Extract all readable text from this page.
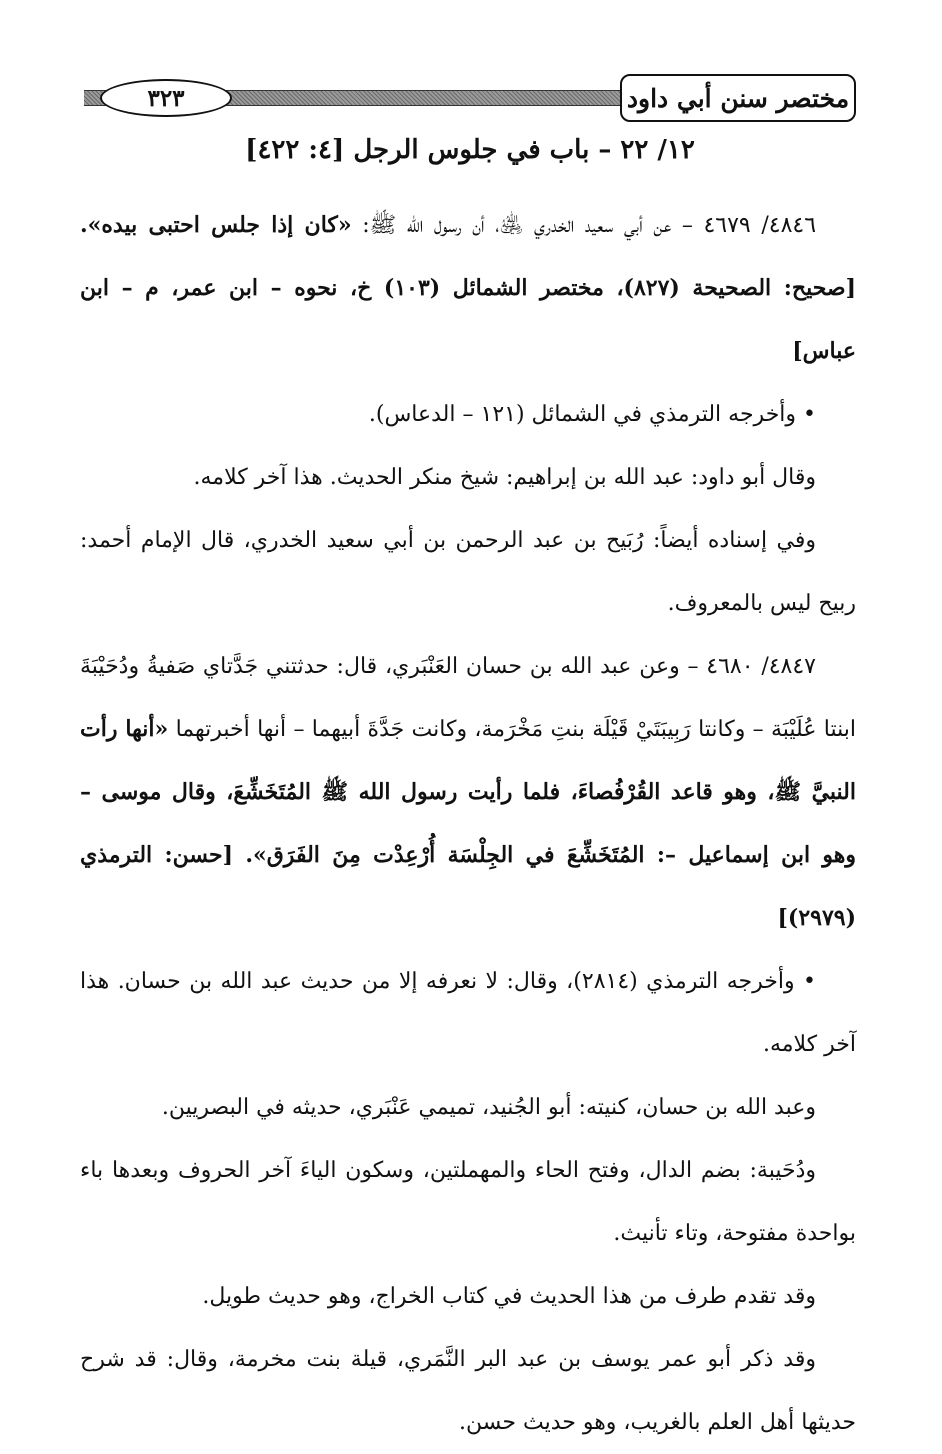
٣٢٣	مختصر سنن أبي داود
١٢/ ٢٢ – باب في جلوس الرجل [٤: ٤٢٢]

٤٨٤٦/ ٤٦٧٩ – عن أبي سعيد الخدري ﵁، أن رسول الله ﷺ: «كان إذا جلس احتبى بيده». [صحيح: الصحيحة (٨٢٧)، مختصر الشمائل (١٠٣) خ، نحوه – ابن عمر، م – ابن عباس]

• وأخرجه الترمذي في الشمائل (١٢١ – الدعاس).

وقال أبو داود: عبد الله بن إبراهيم: شيخ منكر الحديث. هذا آخر كلامه.

وفي إسناده أيضاً: رُبَيح بن عبد الرحمن بن أبي سعيد الخدري، قال الإمام أحمد: ربيح ليس بالمعروف.

٤٨٤٧/ ٤٦٨٠ – وعن عبد الله بن حسان العَنْبَري، قال: حدثتني جَدَّتاي صَفيةُ ودُحَيْبَةَ ابنتا عُلَيْبَة – وكانتا رَبِيبَتَيْ قَيْلَة بنتِ مَخْرَمة، وكانت جَدَّةَ أبيهما – أنها أخبرتهما «أنها رأت النبيَّ ﷺ، وهو قاعد القُرْفُصاءَ، فلما رأيت رسول الله ﷺ المُتَخَشِّعَ، وقال موسى – وهو ابن إسماعيل –: المُتَخَشِّعَ في الجِلْسَة أُرْعِدْت مِنَ الفَرَق». [حسن: الترمذي (٢٩٧٩)]

• وأخرجه الترمذي (٢٨١٤)، وقال: لا نعرفه إلا من حديث عبد الله بن حسان. هذا آخر كلامه.

وعبد الله بن حسان، كنيته: أبو الجُنيد، تميمي عَنْبَري، حديثه في البصريين.

ودُحَيبة: بضم الدال، وفتح الحاء والمهملتين، وسكون الياءَ آخر الحروف وبعدها باء بواحدة مفتوحة، وتاء تأنيث.

وقد تقدم طرف من هذا الحديث في كتاب الخراج، وهو حديث طويل.

وقد ذكر أبو عمر يوسف بن عبد البر النَّمَري، قيلة بنت مخرمة، وقال: قد شرح حديثها أهل العلم بالغريب، وهو حديث حسن.
